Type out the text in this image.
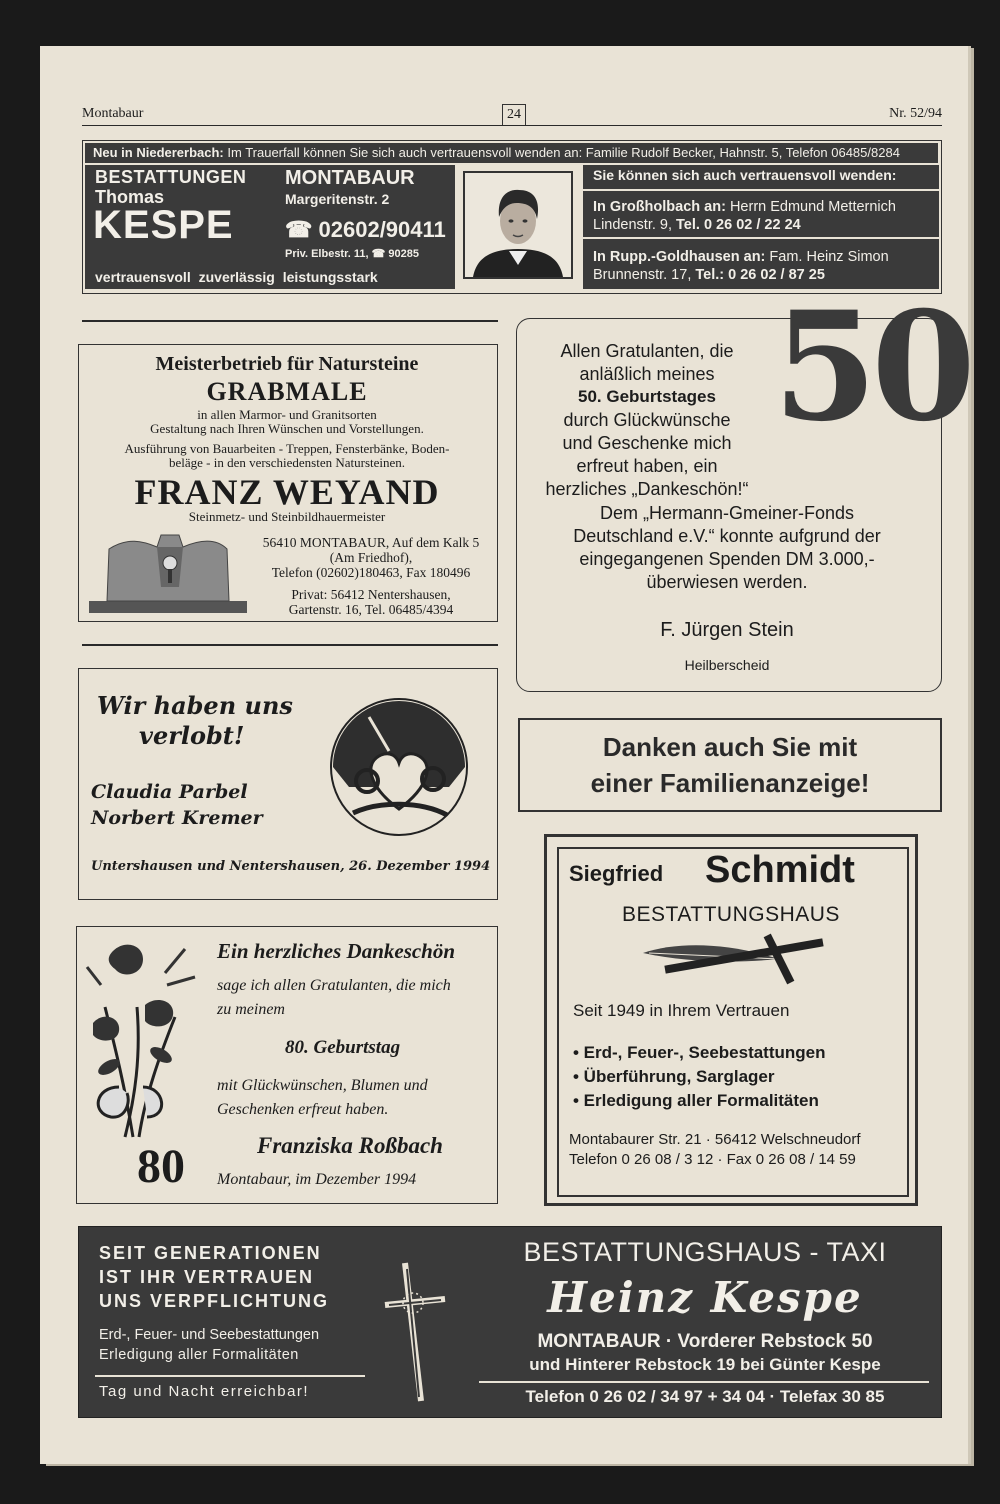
Montabaur	24	Nr. 52/94
Neu in Niedererbach: Im Trauerfall können Sie sich auch vertrauensvoll wenden an: Familie Rudolf Becker, Hahnstr. 5, Telefon 06485/8284
BESTATTUNGEN
Thomas
KESPE
MONTABAUR
Margeritenstr. 2
☎ 02602/90411
Priv. Elbestr. 11, ☎ 90285
vertrauensvoll zuverlässig leistungsstark
Sie können sich auch vertrauensvoll wenden:
In Großholbach an: Herrn Edmund Metternich
Lindenstr. 9, Tel. 0 26 02 / 22 24
In Rupp.-Goldhausen an: Fam. Heinz Simon
Brunnenstr. 17, Tel.: 0 26 02 / 87 25
Meisterbetrieb für Natursteine
GRABMALE
in allen Marmor- und Granitsorten
Gestaltung nach Ihren Wünschen und Vorstellungen.
Ausführung von Bauarbeiten - Treppen, Fensterbänke, Boden-
beläge - in den verschiedensten Natursteinen.
FRANZ WEYAND
Steinmetz- und Steinbildhauermeister
56410 MONTABAUR, Auf dem Kalk 5
(Am Friedhof),
Telefon (02602)180463, Fax 180496
Privat: 56412 Nentershausen,
Gartenstr. 16, Tel. 06485/4394
50
Allen Gratulanten, die
anläßlich meines
50. Geburtstages
durch Glückwünsche
und Geschenke mich
erfreut haben, ein
herzliches „Dankeschön!“
Dem „Hermann-Gmeiner-Fonds
Deutschland e.V.“ konnte aufgrund der
eingegangenen Spenden DM 3.000,-
überwiesen werden.
F. Jürgen Stein
Heilberscheid
Wir haben uns
verlobt!
Claudia Parbel
Norbert Kremer
Untershausen und Nentershausen, 26. Dezember 1994
Danken auch Sie mit
einer Familienanzeige!
Ein herzliches Dankeschön
sage ich allen Gratulanten, die mich
zu meinem
80. Geburtstag
mit Glückwünschen, Blumen und
Geschenken erfreut haben.
Franziska Roßbach
80 Montabaur, im Dezember 1994
Siegfried Schmidt
BESTATTUNGSHAUS
Seit 1949 in Ihrem Vertrauen
• Erd-, Feuer-, Seebestattungen
• Überführung, Sarglager
• Erledigung aller Formalitäten
Montabaurer Str. 21 · 56412 Welschneudorf
Telefon 0 26 08 / 3 12 · Fax 0 26 08 / 14 59
SEIT GENERATIONEN
IST IHR VERTRAUEN
UNS VERPFLICHTUNG
Erd-, Feuer- und Seebestattungen
Erledigung aller Formalitäten
Tag und Nacht erreichbar!
BESTATTUNGSHAUS - TAXI
Heinz Kespe
MONTABAUR · Vorderer Rebstock 50
und Hinterer Rebstock 19 bei Günter Kespe
Telefon 0 26 02 / 34 97 + 34 04 · Telefax 30 85
